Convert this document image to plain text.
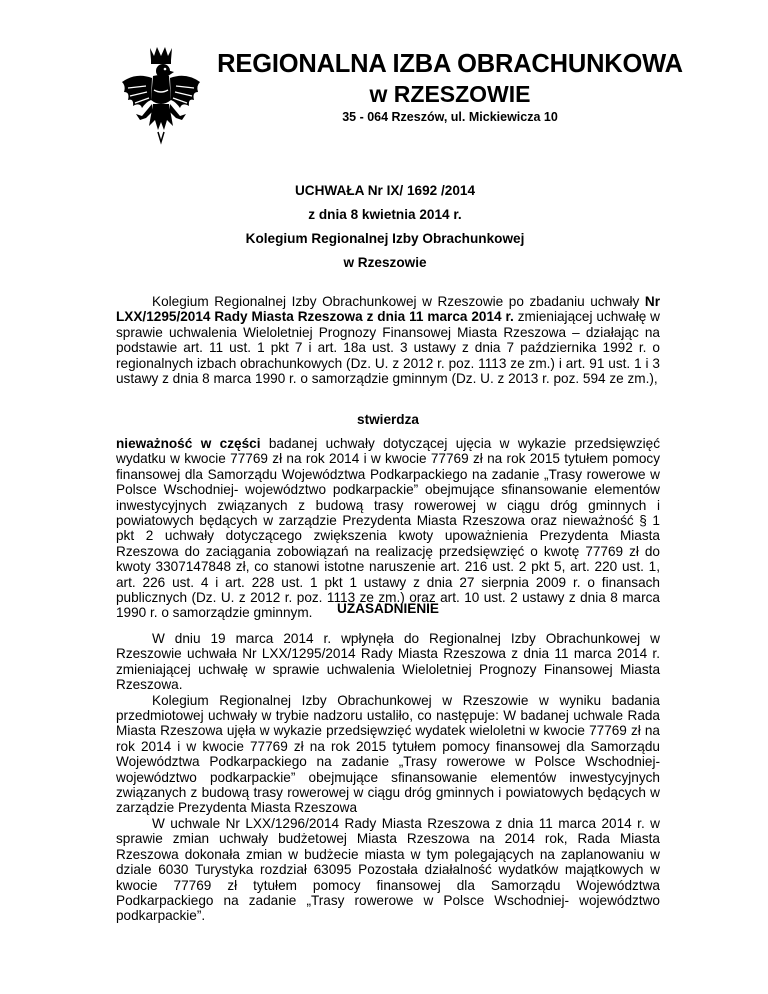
REGIONALNA IZBA OBRACHUNKOWA
w RZESZOWIE
35 - 064 Rzeszów, ul. Mickiewicza 10
UCHWAŁA Nr IX/ 1692 /2014
z dnia 8 kwietnia 2014 r.
Kolegium Regionalnej Izby Obrachunkowej
w Rzeszowie

Kolegium Regionalnej Izby Obrachunkowej w Rzeszowie po zbadaniu uchwały Nr LXX/1295/2014 Rady Miasta Rzeszowa z dnia 11 marca 2014 r. zmieniającej uchwałę w sprawie uchwalenia Wieloletniej Prognozy Finansowej Miasta Rzeszowa – działając na podstawie art. 11 ust. 1 pkt 7 i art. 18a ust. 3 ustawy z dnia 7 października 1992 r. o regionalnych izbach obrachunkowych (Dz. U. z 2012 r. poz. 1113 ze zm.) i art. 91 ust. 1 i 3 ustawy z dnia 8 marca 1990 r. o samorządzie gminnym (Dz. U. z 2013 r. poz. 594 ze zm.),

stwierdza

nieważność w części badanej uchwały dotyczącej ujęcia w wykazie przedsięwzięć wydatku w kwocie 77769 zł na rok 2014 i w kwocie 77769 zł na rok 2015 tytułem pomocy finansowej dla Samorządu Województwa Podkarpackiego na zadanie „Trasy rowerowe w Polsce Wschodniej- województwo podkarpackie” obejmujące sfinansowanie elementów inwestycyjnych związanych z budową trasy rowerowej w ciągu dróg gminnych i powiatowych będących w zarządzie Prezydenta Miasta Rzeszowa oraz nieważność § 1 pkt 2 uchwały dotyczącego zwiększenia kwoty upoważnienia Prezydenta Miasta Rzeszowa do zaciągania zobowiązań na realizację przedsięwzięć o kwotę 77769 zł do kwoty 3307147848 zł, co stanowi istotne naruszenie art. 216 ust. 2 pkt 5, art. 220 ust. 1, art. 226 ust. 4 i art. 228 ust. 1 pkt 1 ustawy z dnia 27 sierpnia 2009 r. o finansach publicznych (Dz. U. z 2012 r. poz. 1113 ze zm.) oraz art. 10 ust. 2 ustawy z dnia 8 marca 1990 r. o samorządzie gminnym.	UZASADNIENIE

W dniu 19 marca 2014 r. wpłynęła do Regionalnej Izby Obrachunkowej w Rzeszowie uchwała Nr LXX/1295/2014 Rady Miasta Rzeszowa z dnia 11 marca 2014 r. zmieniającej uchwałę w sprawie uchwalenia Wieloletniej Prognozy Finansowej Miasta Rzeszowa.

Kolegium Regionalnej Izby Obrachunkowej w Rzeszowie w wyniku badania przedmiotowej uchwały w trybie nadzoru ustaliło, co następuje: W badanej uchwale Rada Miasta Rzeszowa ujęła w wykazie przedsięwzięć wydatek wieloletni w kwocie 77769 zł na rok 2014 i w kwocie 77769 zł na rok 2015 tytułem pomocy finansowej dla Samorządu Województwa Podkarpackiego na zadanie „Trasy rowerowe w Polsce Wschodniej- województwo podkarpackie” obejmujące sfinansowanie elementów inwestycyjnych związanych z budową trasy rowerowej w ciągu dróg gminnych i powiatowych będących w zarządzie Prezydenta Miasta Rzeszowa

W uchwale Nr LXX/1296/2014 Rady Miasta Rzeszowa z dnia 11 marca 2014 r. w sprawie zmian uchwały budżetowej Miasta Rzeszowa na 2014 rok, Rada Miasta Rzeszowa dokonała zmian w budżecie miasta w tym polegających na zaplanowaniu w dziale 6030 Turystyka rozdział 63095 Pozostała działalność wydatków majątkowych w kwocie 77769 zł tytułem pomocy finansowej dla Samorządu Województwa Podkarpackiego na zadanie „Trasy rowerowe w Polsce Wschodniej- województwo podkarpackie”.
